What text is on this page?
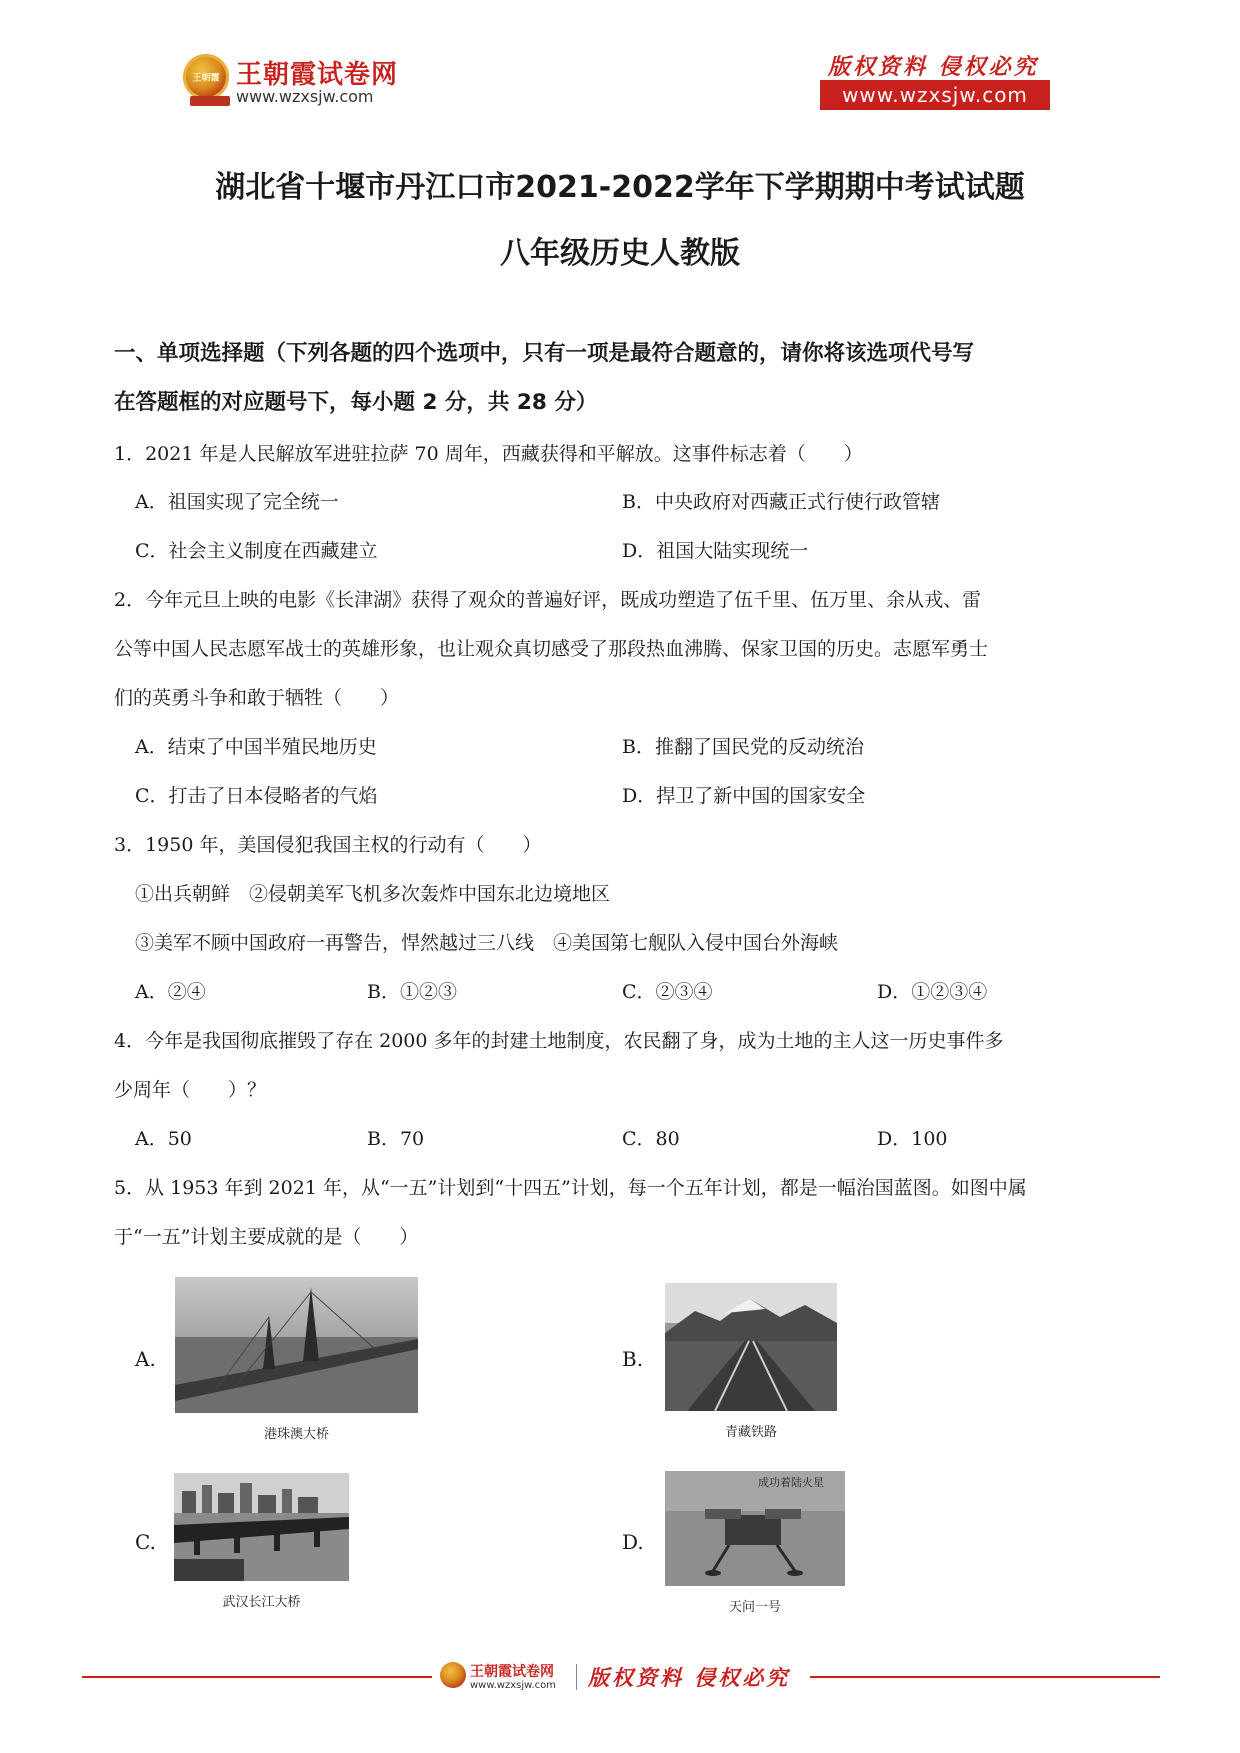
王朝霞 王朝霞试卷网
www.wzxsjw.com
版权资料 侵权必究
www.wzxsjw.com
湖北省十堰市丹江口市2021-2022学年下学期期中考试试题
八年级历史人教版
一、单项选择题（下列各题的四个选项中，只有一项是最符合题意的，请你将该选项代号写
在答题框的对应题号下，每小题 2 分，共 28 分）
1．2021 年是人民解放军进驻拉萨 70 周年，西藏获得和平解放。这事件标志着（　　）
A．祖国实现了完全统一	B．中央政府对西藏正式行使行政管辖
C．社会主义制度在西藏建立	D．祖国大陆实现统一
2．今年元旦上映的电影《长津湖》获得了观众的普遍好评，既成功塑造了伍千里、伍万里、余从戎、雷
公等中国人民志愿军战士的英雄形象，也让观众真切感受了那段热血沸腾、保家卫国的历史。志愿军勇士
们的英勇斗争和敢于牺牲（　　）
A．结束了中国半殖民地历史	B．推翻了国民党的反动统治
C．打击了日本侵略者的气焰	D．捍卫了新中国的国家安全
3．1950 年，美国侵犯我国主权的行动有（　　）
①出兵朝鲜　②侵朝美军飞机多次轰炸中国东北边境地区
③美军不顾中国政府一再警告，悍然越过三八线　④美国第七舰队入侵中国台外海峡
A．②④	B．①②③	C．②③④	D．①②③④
4．今年是我国彻底摧毁了存在 2000 多年的封建土地制度，农民翻了身，成为土地的主人这一历史事件多
少周年（　　）？
A．50	B．70	C．80	D．100
5．从 1953 年到 2021 年，从“一五”计划到“十四五”计划，每一个五年计划，都是一幅治国蓝图。如图中属
于“一五”计划主要成就的是（　　）
A.
港珠澳大桥
B.
青藏铁路
C.
武汉长江大桥
D.
成功着陆火星
天问一号
王朝霞试卷网
www.wzxsjw.com 版权资料 侵权必究
